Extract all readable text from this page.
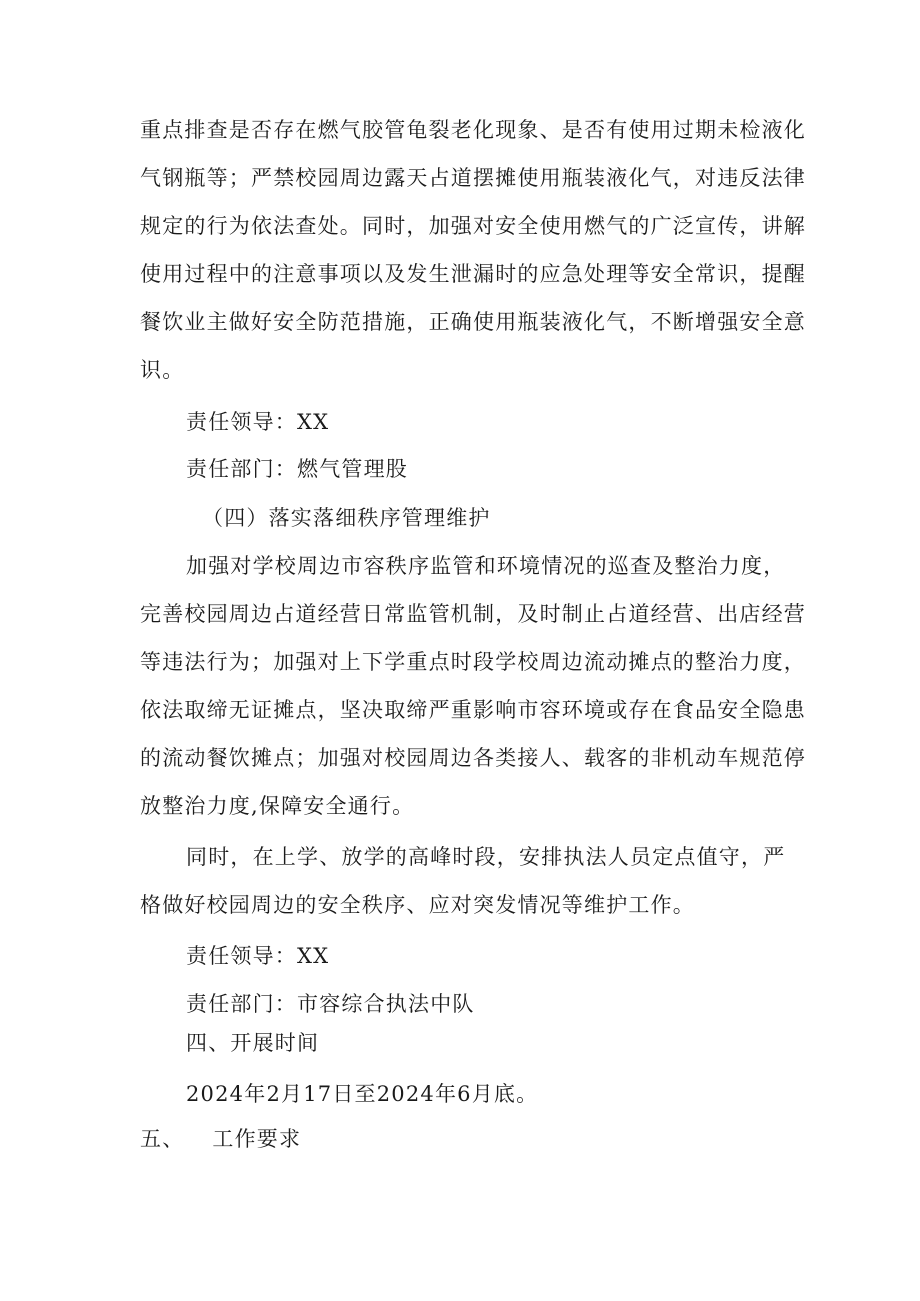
重点排查是否存在燃气胶管龟裂老化现象、是否有使用过期未检液化
气钢瓶等；严禁校园周边露天占道摆摊使用瓶装液化气，对违反法律
规定的行为依法查处。同时，加强对安全使用燃气的广泛宣传，讲解
使用过程中的注意事项以及发生泄漏时的应急处理等安全常识，提醒
餐饮业主做好安全防范措施，正确使用瓶装液化气，不断增强安全意
识。
责任领导：XX
责任部门：燃气管理股
（四）落实落细秩序管理维护
加强对学校周边市容秩序监管和环境情况的巡查及整治力度，
完善校园周边占道经营日常监管机制，及时制止占道经营、出店经营
等违法行为；加强对上下学重点时段学校周边流动摊点的整治力度，
依法取缔无证摊点，坚决取缔严重影响市容环境或存在食品安全隐患
的流动餐饮摊点；加强对校园周边各类接人、载客的非机动车规范停
放整治力度,保障安全通行。
同时，在上学、放学的高峰时段，安排执法人员定点值守，严
格做好校园周边的安全秩序、应对突发情况等维护工作。
责任领导：XX
责任部门：市容综合执法中队
四、开展时间
2024年2月17日至2024年6月底。
五、 工作要求
